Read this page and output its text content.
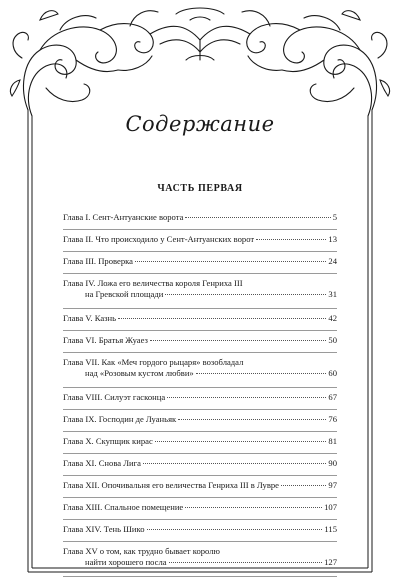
Содержание
ЧАСТЬ ПЕРВАЯ
Глава I. Сент-Антуанские ворота	5
Глава II. Что происходило у Сент-Антуанских ворот	13
Глава III. Проверка	24
Глава IV. Ложа его величества короля Генриха III
на Гревской площади	31
Глава V. Казнь	42
Глава VI. Братья Жуаез	50
Глава VII. Как «Меч гордого рыцаря» возобладал
над «Розовым кустом любви»	60
Глава VIII. Силуэт гасконца	67
Глава IX. Господин де Луаньяк	76
Глава X. Скупщик кирас	81
Глава XI. Снова Лига	90
Глава XII. Опочивальня его величества Генриха III в Лувре	97
Глава XIII. Спальное помещение	107
Глава XIV. Тень Шико	115
Глава XV о том, как трудно бывает королю
найти хорошего посла	127
